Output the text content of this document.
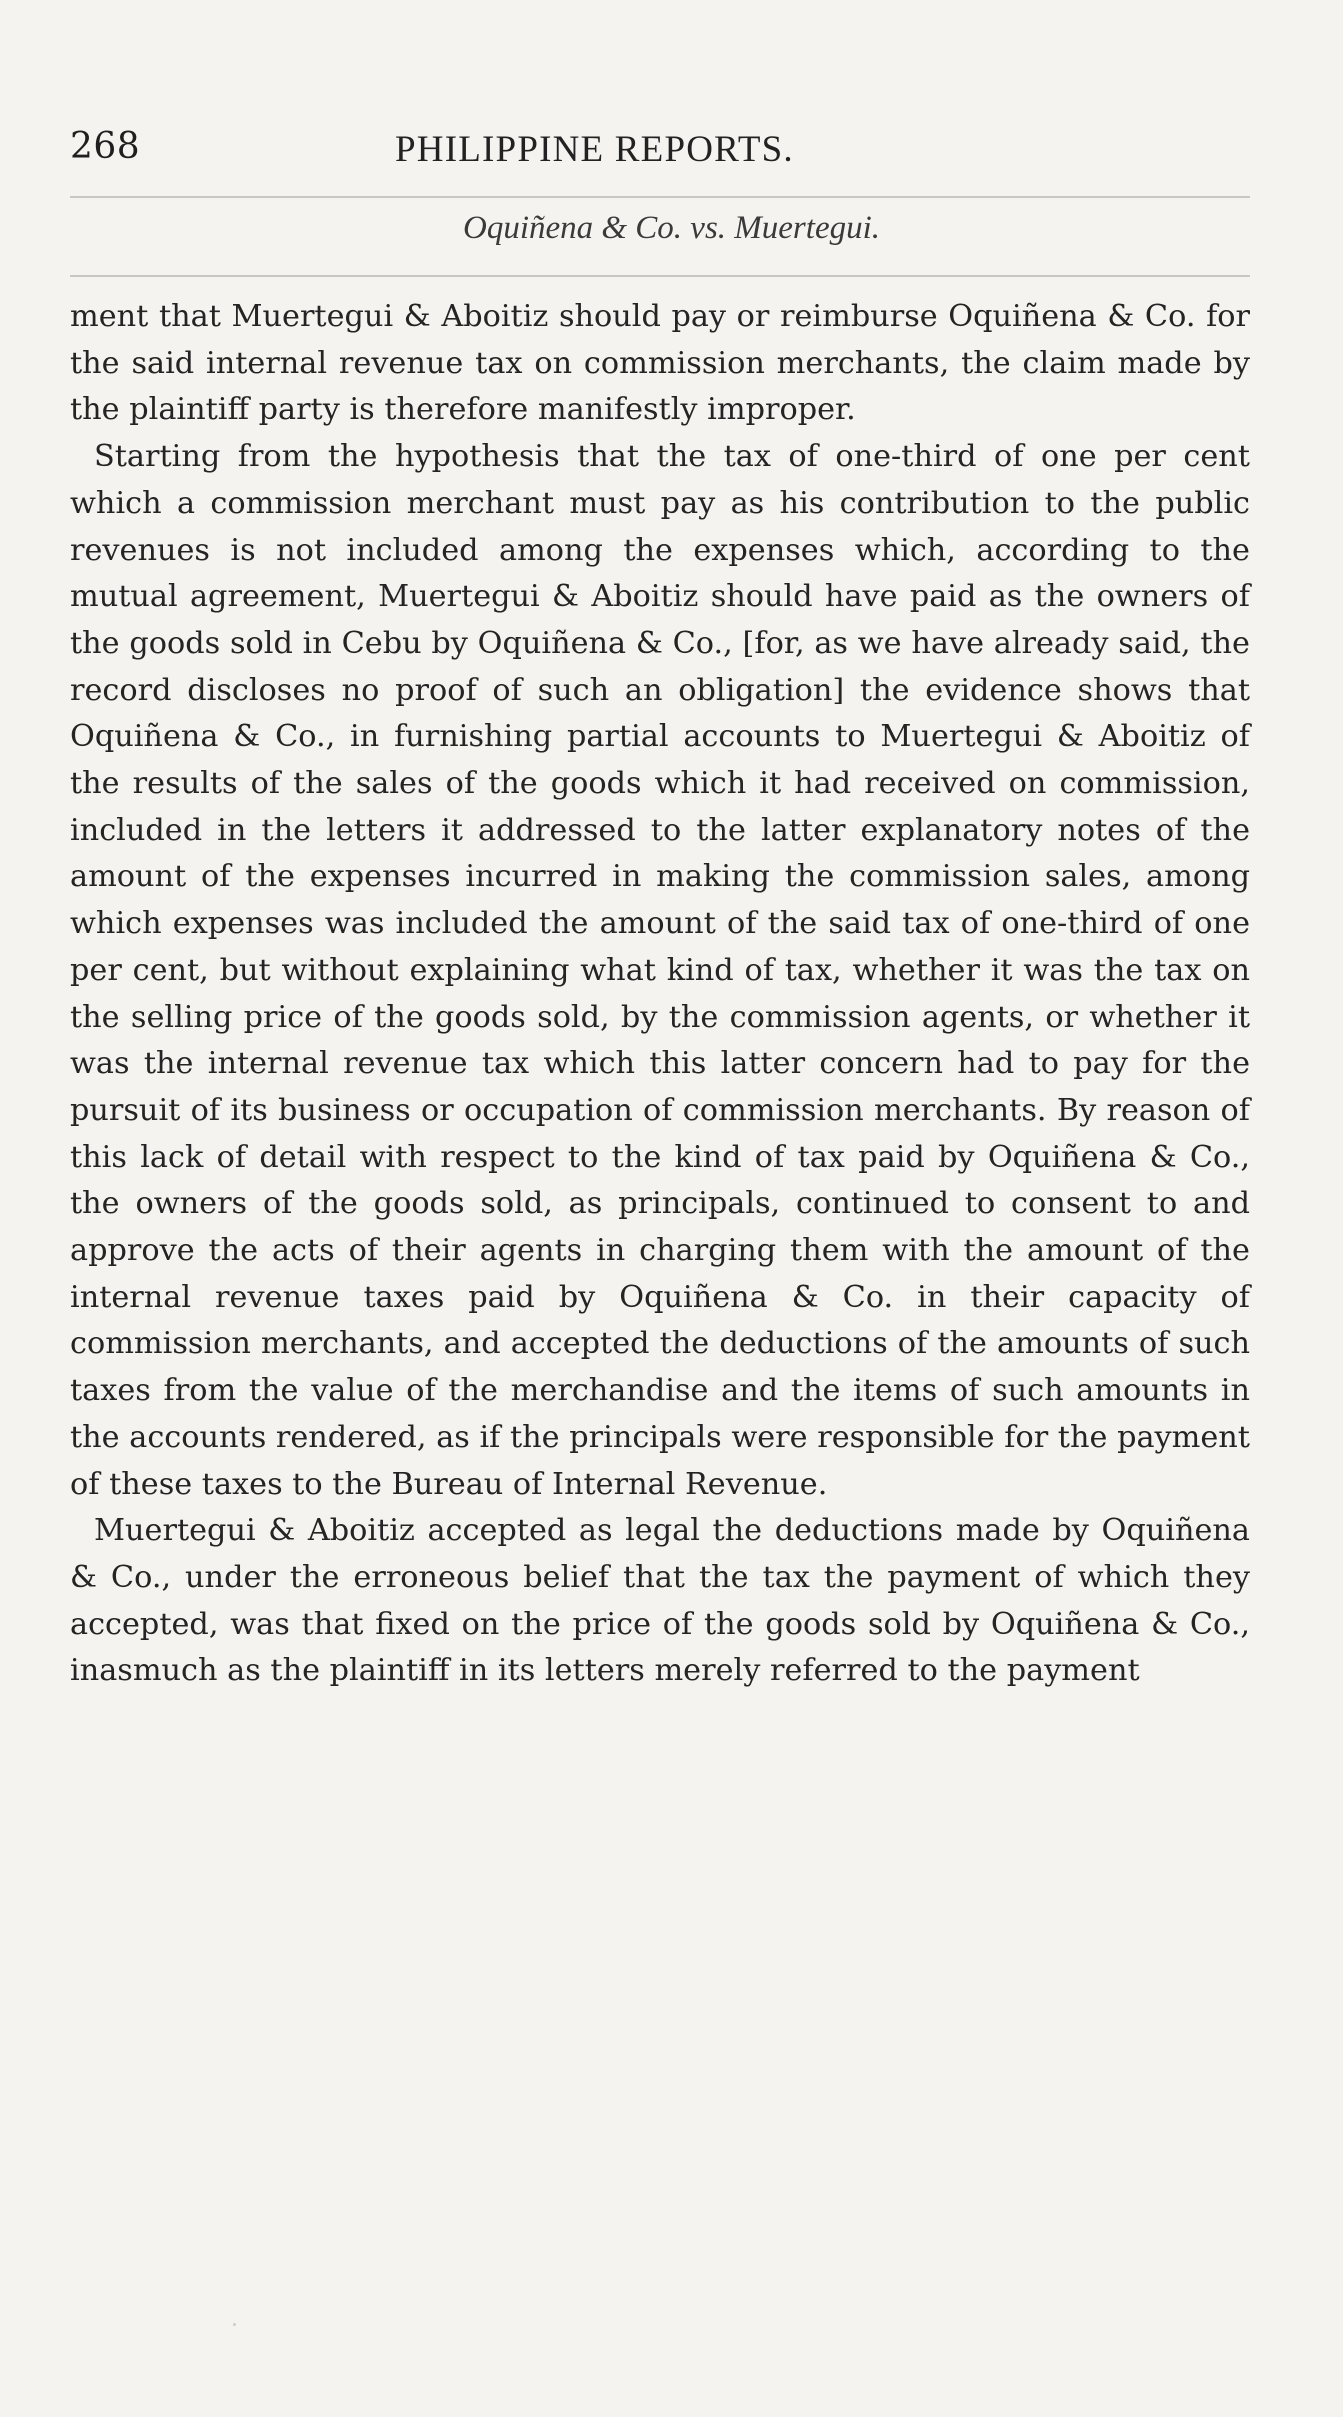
268	PHILIPPINE REPORTS.
Oquiñena & Co. vs. Muertegui.

ment that Muertegui & Aboitiz should pay or reimburse Oquiñena & Co. for the said internal revenue tax on commission merchants, the claim made by the plaintiff party is therefore manifestly improper.

Starting from the hypothesis that the tax of one-third of one per cent which a commission merchant must pay as his contribution to the public revenues is not included among the expenses which, according to the mutual agreement, Muertegui & Aboitiz should have paid as the owners of the goods sold in Cebu by Oquiñena & Co., [for, as we have already said, the record discloses no proof of such an obligation] the evidence shows that Oquiñena & Co., in furnishing partial accounts to Muertegui & Aboitiz of the results of the sales of the goods which it had received on commission, included in the letters it addressed to the latter explanatory notes of the amount of the expenses incurred in making the commission sales, among which expenses was included the amount of the said tax of one-third of one per cent, but without explaining what kind of tax, whether it was the tax on the selling price of the goods sold, by the commission agents, or whether it was the internal revenue tax which this latter concern had to pay for the pursuit of its business or occupation of commission merchants. By reason of this lack of detail with respect to the kind of tax paid by Oquiñena & Co., the owners of the goods sold, as principals, continued to consent to and approve the acts of their agents in charging them with the amount of the internal revenue taxes paid by Oquiñena & Co. in their capacity of commission merchants, and accepted the deductions of the amounts of such taxes from the value of the merchandise and the items of such amounts in the accounts rendered, as if the principals were responsible for the payment of these taxes to the Bureau of Internal Revenue.

Muertegui & Aboitiz accepted as legal the deductions made by Oquiñena & Co., under the erroneous belief that the tax the payment of which they accepted, was that fixed on the price of the goods sold by Oquiñena & Co., inasmuch as the plaintiff in its letters merely referred to the payment
